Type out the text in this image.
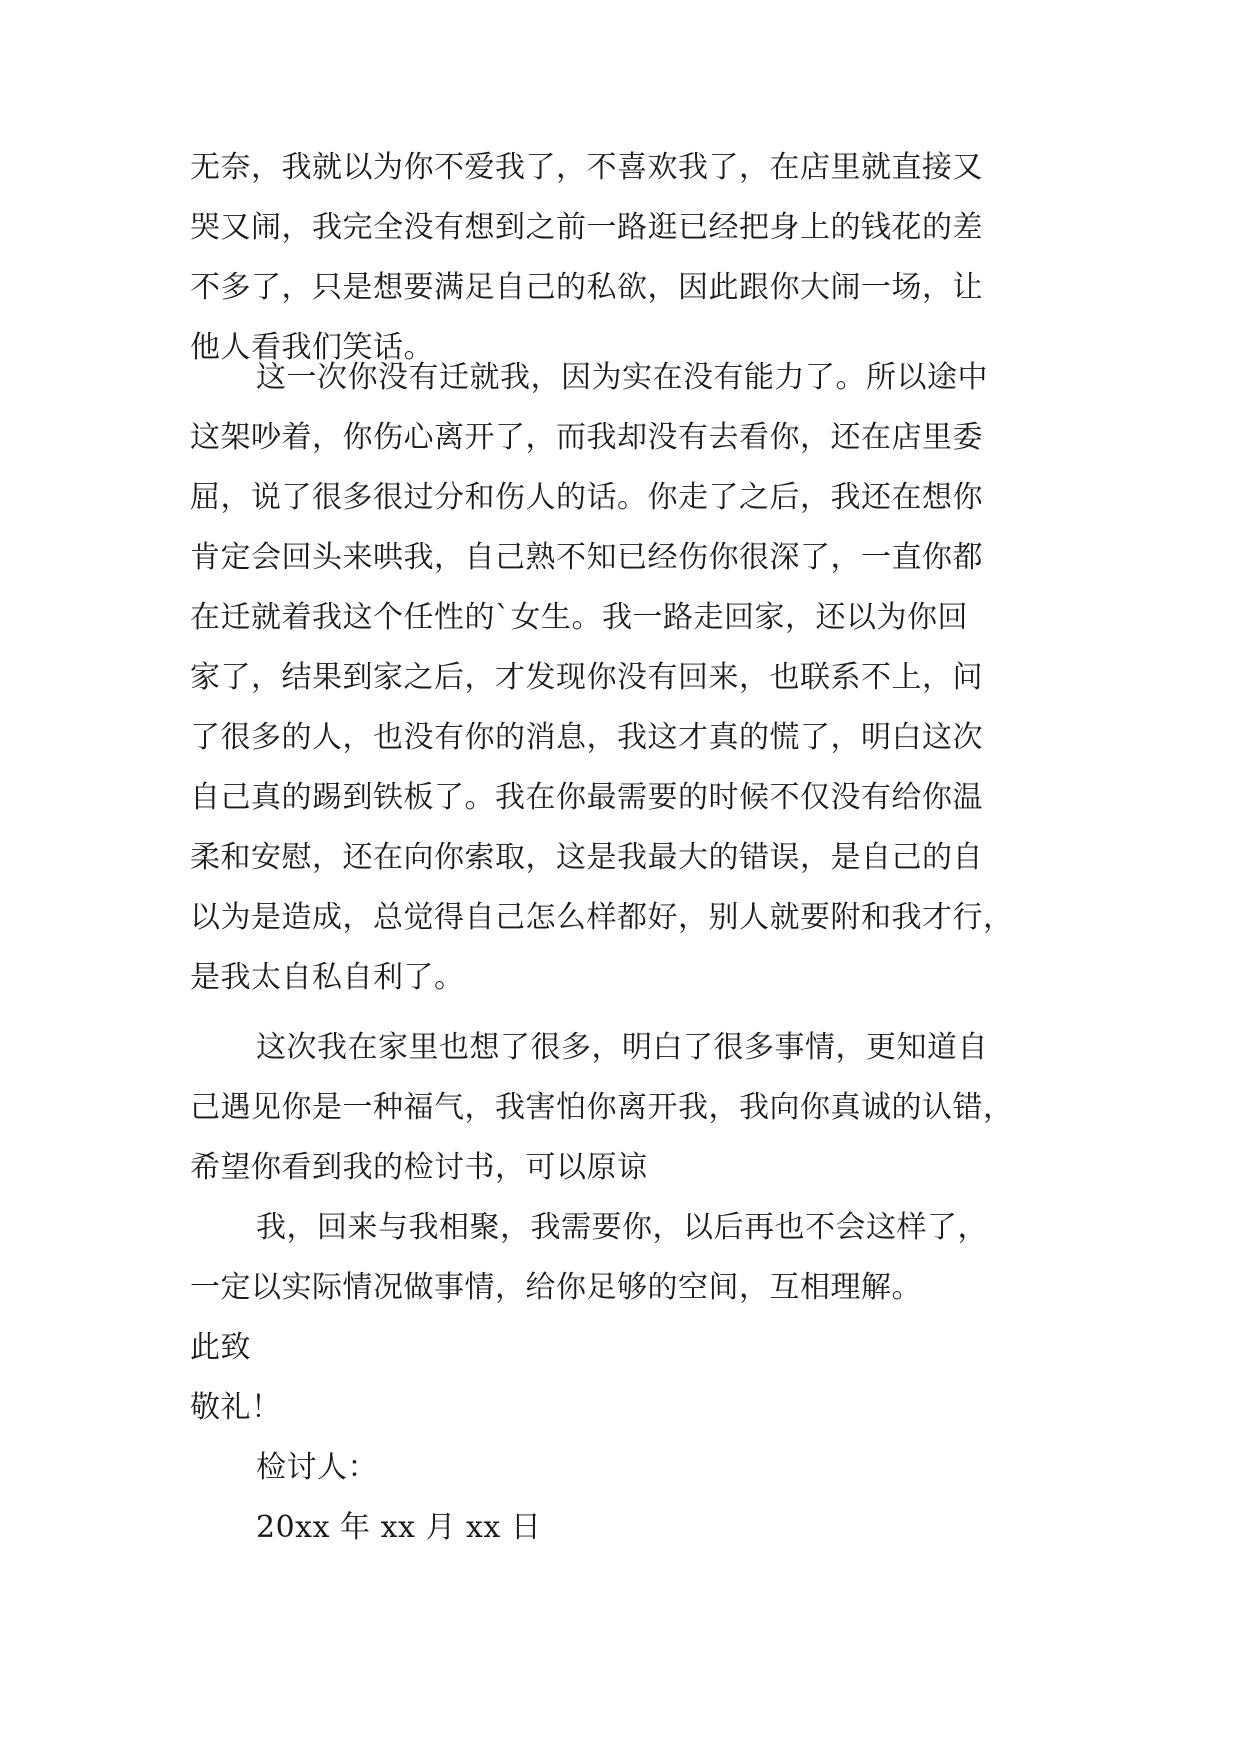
无奈，我就以为你不爱我了，不喜欢我了，在店里就直接又
哭又闹，我完全没有想到之前一路逛已经把身上的钱花的差
不多了，只是想要满足自己的私欲，因此跟你大闹一场，让
他人看我们笑话。
这一次你没有迁就我，因为实在没有能力了。所以途中
这架吵着，你伤心离开了，而我却没有去看你，还在店里委
屈，说了很多很过分和伤人的话。你走了之后，我还在想你
肯定会回头来哄我，自己熟不知已经伤你很深了，一直你都
在迁就着我这个任性的`女生。我一路走回家，还以为你回
家了，结果到家之后，才发现你没有回来，也联系不上，问
了很多的人，也没有你的消息，我这才真的慌了，明白这次
自己真的踢到铁板了。我在你最需要的时候不仅没有给你温
柔和安慰，还在向你索取，这是我最大的错误，是自己的自
以为是造成，总觉得自己怎么样都好，别人就要附和我才行，
是我太自私自利了。
这次我在家里也想了很多，明白了很多事情，更知道自
己遇见你是一种福气，我害怕你离开我，我向你真诚的认错，
希望你看到我的检讨书，可以原谅
我，回来与我相聚，我需要你，以后再也不会这样了，
一定以实际情况做事情，给你足够的空间，互相理解。
此致
敬礼！
检讨人：
20xx 年 xx 月 xx 日
